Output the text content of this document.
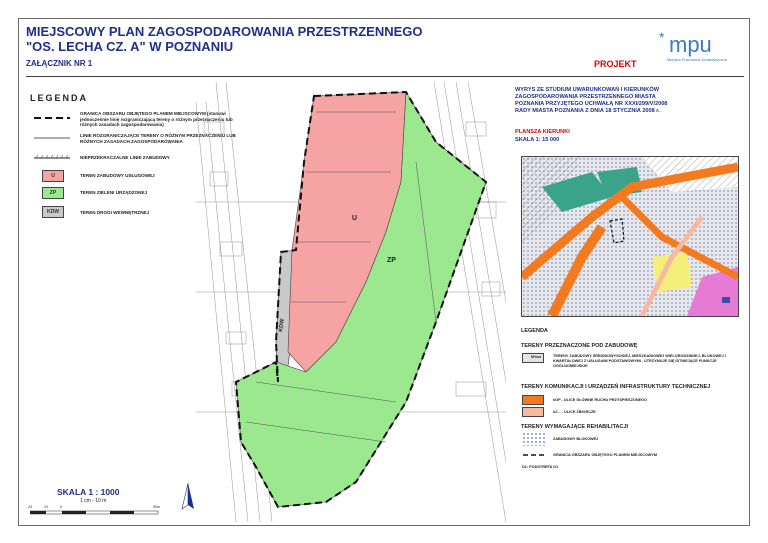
MIEJSCOWY PLAN ZAGOSPODAROWANIA PRZESTRZENNEGO
"OS. LECHA CZ. A" W POZNANIU
ZAŁĄCZNIK NR 1	PROJEKT
* mpu
Miejska Pracownia Urbanistyczna
LEGENDA
GRANICA OBSZARU OBJĘTEGO PLANEM MIEJSCOWYM (stanowi jednocześnie linię rozgraniczającą tereny o różnym przeznaczeniu lub różnych zasadach zagospodarowania)
LINIE ROZGRANICZAJĄCE TERENY O RÓŻNYM PRZEZNACZENIU LUB RÓŻNYCH ZASADACH ZAGOSPODAROWANIA
NIEPRZEKRACZALNE LINIE ZABUDOWY
U	TEREN ZABUDOWY USŁUGOWEJ
ZP	TEREN ZIELENI URZĄDZONEJ
KDW	TEREN DROGI WEWNĘTRZNEJ
U
ZP
KDW
WYRYS ZE STUDIUM UWARUNKOWAŃ I KIERUNKÓW
ZAGOSPODAROWANIA PRZESTRZENNEGO MIASTA
POZNANIA PRZYJĘTEGO UCHWAŁĄ NR XXXI/299/V/2008
RADY MIASTA POZNANIA Z DNIA 18 STYCZNIA 2008 r.
PLANSZA KIERUNKI
SKALA 1: 15 000
LEGENDA
TERENY PRZEZNACZONE POD ZABUDOWĘ
M*/uw	TERENY ZABUDOWY ŚREDNIOWYSOKIEJ, MIESZKANIOWEJ WIELORODZINNEJ, BLOKOWEJ I KWARTAŁOWEJ Z USŁUGAMI PODSTAWOWYMI , UTRZYMUJE SIĘ ISTNIEJĄCE FUNKCJE OGÓLNOMIEJSKIE
TERENY KOMUNIKACJI I URZĄDZEŃ INFRASTRUKTURY TECHNICZNEJ
kGP - ULICE GŁÓWNE RUCHU PRZYSPIESZONEGO
kZ... - ULICE ZBIORCZE
TERENY WYMAGAJĄCE REHABILITACJI
ZABUDOWY BLOKOWEJ
GRANICA OBSZARU OBJĘTEGO PLANEM MIEJSCOWYM
D1: PODSTREFA D1
SKALA 1 : 1000
1 cm - 10 m
20	10	0	50m
